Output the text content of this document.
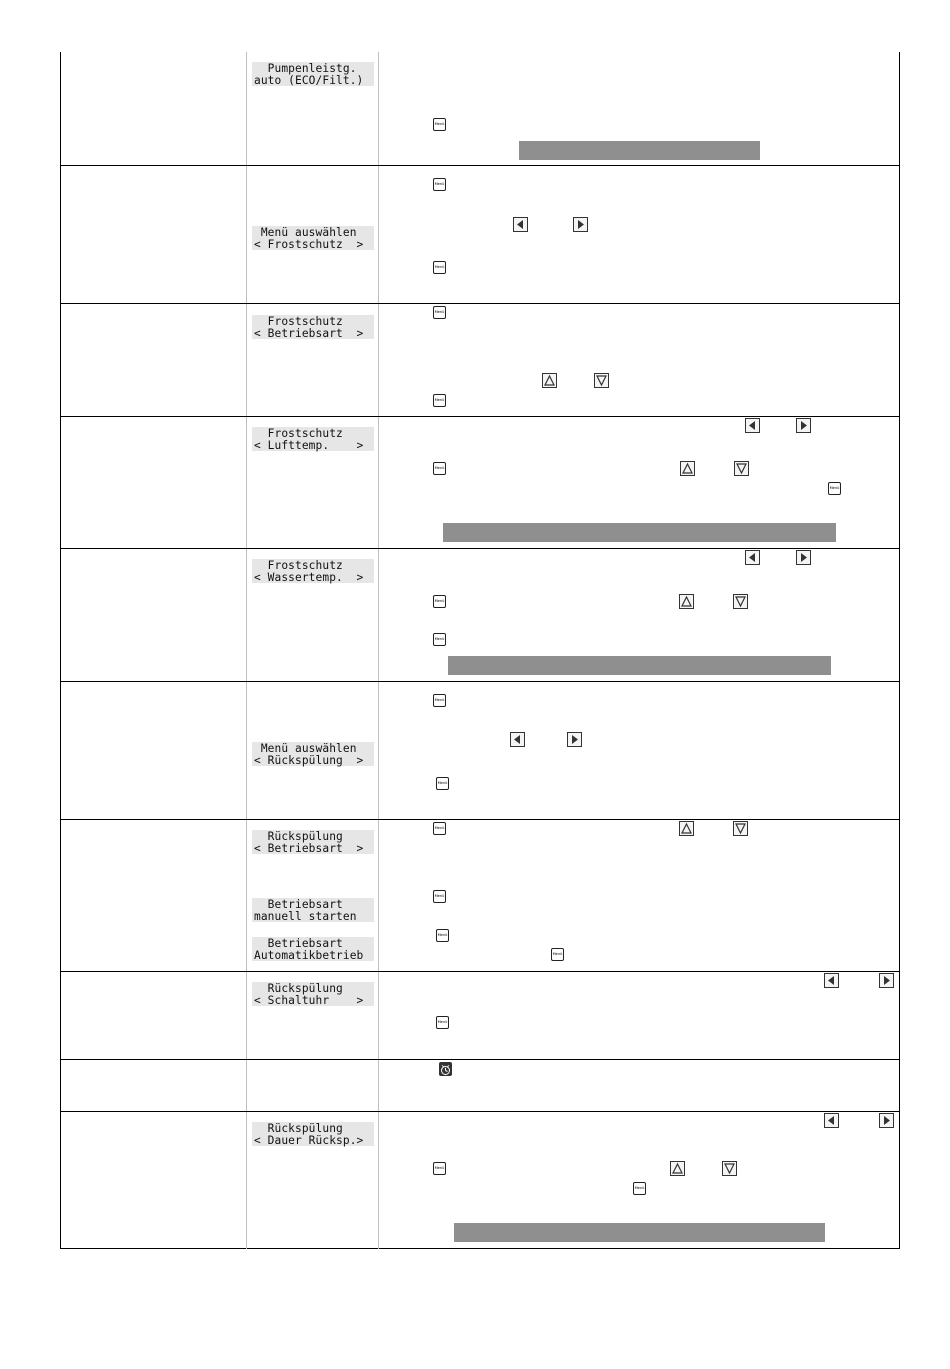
Pumpenleistg.
auto (ECO/Filt.)
Menü auswählen
< Frostschutz  >
Frostschutz
< Betriebsart  >
Frostschutz
< Lufttemp.    >
Frostschutz
< Wassertemp.  >
Menü auswählen
< Rückspülung  >
Rückspülung
< Betriebsart  >
Betriebsart
manuell starten
Betriebsart
Automatikbetrieb
Rückspülung
< Schaltuhr    >
Rückspülung
< Dauer Rücksp.>
Menü
Menü
Menü
Menü
Menü
Menü
Menü
Menü
Menü
Menü
Menü
Menü
Menü
Menü
Menü
Menü
Menü
Menü
